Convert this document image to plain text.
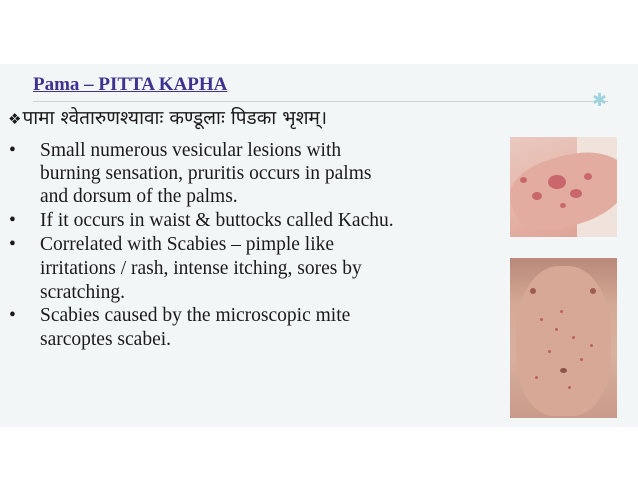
Pama – PITTA KAPHA
✱
❖पामा श्वेतारुणश्यावाः कण्डूलाः पिडका भृशम्।
• Small numerous vesicular lesions with
burning sensation, pruritis occurs in palms
and dorsum of the palms.
• If it occurs in waist & buttocks called Kachu.
• Correlated with Scabies – pimple like
irritations / rash, intense itching, sores by
scratching.
• Scabies caused by the microscopic mite
sarcoptes scabei.
